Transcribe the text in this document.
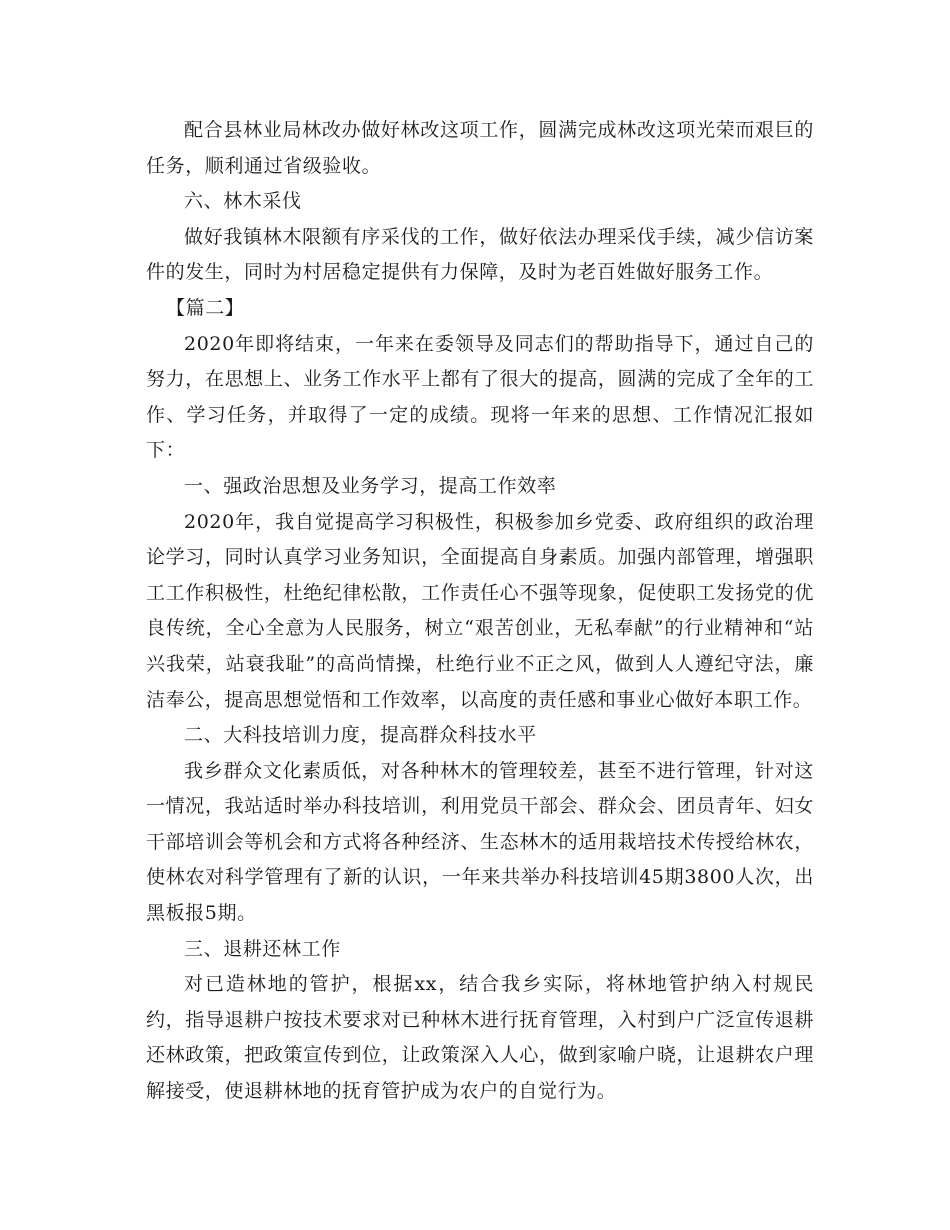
配合县林业局林改办做好林改这项工作，圆满完成林改这项光荣而艰巨的任务，顺利通过省级验收。

六、林木采伐

做好我镇林木限额有序采伐的工作，做好依法办理采伐手续，减少信访案件的发生，同时为村居稳定提供有力保障，及时为老百姓做好服务工作。

【篇二】

2020年即将结束，一年来在委领导及同志们的帮助指导下，通过自己的努力，在思想上、业务工作水平上都有了很大的提高，圆满的完成了全年的工作、学习任务，并取得了一定的成绩。现将一年来的思想、工作情况汇报如下：

一、强政治思想及业务学习，提高工作效率

2020年，我自觉提高学习积极性，积极参加乡党委、政府组织的政治理论学习，同时认真学习业务知识，全面提高自身素质。加强内部管理，增强职工工作积极性，杜绝纪律松散，工作责任心不强等现象，促使职工发扬党的优良传统，全心全意为人民服务，树立“艰苦创业，无私奉献”的行业精神和“站兴我荣，站衰我耻”的高尚情操，杜绝行业不正之风，做到人人遵纪守法，廉洁奉公，提高思想觉悟和工作效率，以高度的责任感和事业心做好本职工作。

二、大科技培训力度，提高群众科技水平

我乡群众文化素质低，对各种林木的管理较差，甚至不进行管理，针对这一情况，我站适时举办科技培训，利用党员干部会、群众会、团员青年、妇女干部培训会等机会和方式将各种经济、生态林木的适用栽培技术传授给林农，使林农对科学管理有了新的认识，一年来共举办科技培训45期3800人次，出黑板报5期。

三、退耕还林工作

对已造林地的管护，根据xx，结合我乡实际，将林地管护纳入村规民约，指导退耕户按技术要求对已种林木进行抚育管理，入村到户广泛宣传退耕还林政策，把政策宣传到位，让政策深入人心，做到家喻户晓，让退耕农户理解接受，使退耕林地的抚育管护成为农户的自觉行为。
